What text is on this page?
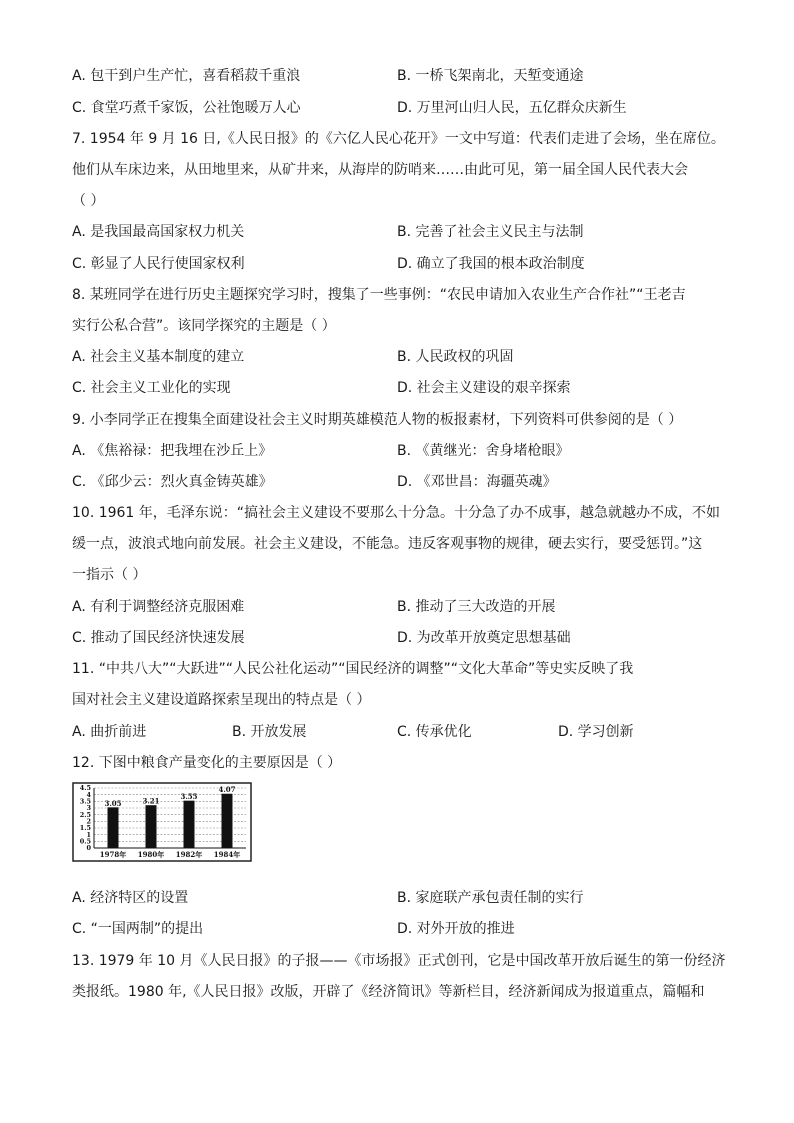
A. 包干到户生产忙，喜看稻菽千重浪	B. 一桥飞架南北，天堑变通途
C. 食堂巧煮千家饭，公社饱暖万人心	D. 万里河山归人民，五亿群众庆新生
7. 1954 年 9 月 16 日,《人民日报》的《六亿人民心花开》一文中写道：代表们走进了会场，坐在席位。
他们从车床边来，从田地里来，从矿井来，从海岸的防哨来……由此可见，第一届全国人民代表大会
（ ）
A. 是我国最高国家权力机关	B. 完善了社会主义民主与法制
C. 彰显了人民行使国家权利	D. 确立了我国的根本政治制度
8. 某班同学在进行历史主题探究学习时，搜集了一些事例：“农民申请加入农业生产合作社”“王老吉
实行公私合营”。该同学探究的主题是（ ）
A. 社会主义基本制度的建立	B. 人民政权的巩固
C. 社会主义工业化的实现	D. 社会主义建设的艰辛探索
9. 小李同学正在搜集全面建设社会主义时期英雄模范人物的板报素材，下列资料可供参阅的是（ ）
A. 《焦裕禄：把我埋在沙丘上》	B. 《黄继光：舍身堵枪眼》
C. 《邱少云：烈火真金铸英雄》	D. 《邓世昌：海疆英魂》
10. 1961 年，毛泽东说：“搞社会主义建设不要那么十分急。十分急了办不成事，越急就越办不成，不如
缓一点，波浪式地向前发展。社会主义建设，不能急。违反客观事物的规律，硬去实行，要受惩罚。”这
一指示（ ）
A. 有利于调整经济克服困难	B. 推动了三大改造的开展
C. 推动了国民经济快速发展	D. 为改革开放奠定思想基础
11. “中共八大”“大跃进”“人民公社化运动”“国民经济的调整”“文化大革命”等史实反映了我
国对社会主义建设道路探索呈现出的特点是（ ）
A. 曲折前进	B. 开放发展	C. 传承优化	D. 学习创新
12. 下图中粮食产量变化的主要原因是（ ）
0
0.5
1
1.5
2
2.5
3
3.5
4
4.5
3.05
1978年
3.21
1980年
3.55
1982年
4.07
1984年
A. 经济特区的设置	B. 家庭联产承包责任制的实行
C. “一国两制”的提出	D. 对外开放的推进
13. 1979 年 10 月《人民日报》的子报——《市场报》正式创刊，它是中国改革开放后诞生的第一份经济
类报纸。1980 年,《人民日报》改版，开辟了《经济简讯》等新栏目，经济新闻成为报道重点，篇幅和
